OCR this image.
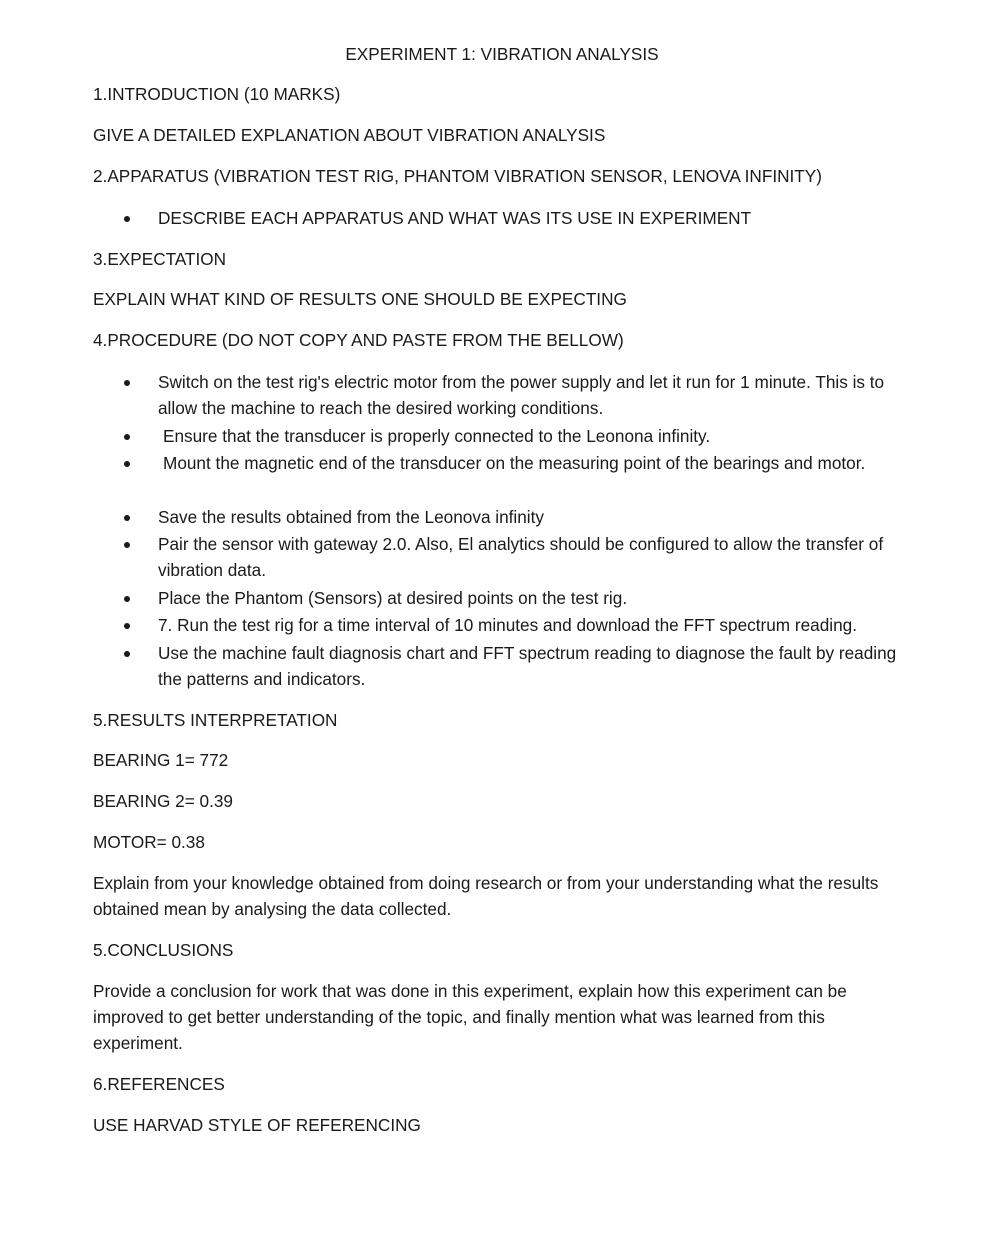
EXPERIMENT 1: VIBRATION ANALYSIS
1.INTRODUCTION (10 MARKS)
GIVE A DETAILED EXPLANATION ABOUT VIBRATION ANALYSIS
2.APPARATUS (VIBRATION TEST RIG, PHANTOM VIBRATION SENSOR, LENOVA INFINITY)
DESCRIBE EACH APPARATUS AND WHAT WAS ITS USE IN EXPERIMENT
3.EXPECTATION
EXPLAIN WHAT KIND OF RESULTS ONE SHOULD BE EXPECTING
4.PROCEDURE (DO NOT COPY AND PASTE FROM THE BELLOW)
Switch on the test rig's electric motor from the power supply and let it run for 1 minute. This is to allow the machine to reach the desired working conditions.
Ensure that the transducer is properly connected to the Leonona infinity.
Mount the magnetic end of the transducer on the measuring point of the bearings and motor.
Save the results obtained from the Leonova infinity
Pair the sensor with gateway 2.0. Also, El analytics should be configured to allow the transfer of vibration data.
Place the Phantom (Sensors) at desired points on the test rig.
7. Run the test rig for a time interval of 10 minutes and download the FFT spectrum reading.
Use the machine fault diagnosis chart and FFT spectrum reading to diagnose the fault by reading the patterns and indicators.
5.RESULTS INTERPRETATION
BEARING 1= 772
BEARING 2= 0.39
MOTOR= 0.38
Explain from your knowledge obtained from doing research or from your understanding what the results obtained mean by analysing the data collected.
5.CONCLUSIONS
Provide a conclusion for work that was done in this experiment, explain how this experiment can be improved to get better understanding of the topic, and finally mention what was learned from this experiment.
6.REFERENCES
USE HARVAD STYLE OF REFERENCING
